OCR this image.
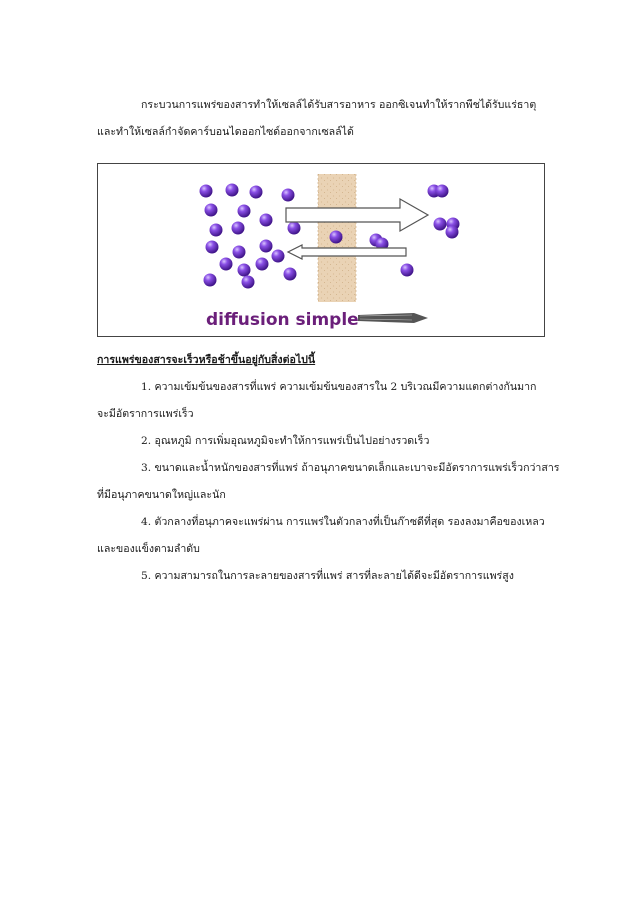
กระบวนการแพร่ของสารทำให้เซลล์ได้รับสารอาหาร ออกซิเจนทำให้รากพืชได้รับแร่ธาตุ
และทำให้เซลล์กำจัดคาร์บอนไดออกไซด์ออกจากเซลล์ได้
diffusion simple
การแพร่ของสารจะเร็วหรือช้าขึ้นอยู่กับสิ่งต่อไปนี้
1. ความเข้มข้นของสารที่แพร่ ความเข้มข้นของสารใน 2 บริเวณมีความแตกต่างกันมาก
จะมีอัตราการแพร่เร็ว
2. อุณหภูมิ การเพิ่มอุณหภูมิจะทำให้การแพร่เป็นไปอย่างรวดเร็ว
3. ขนาดและน้ำหนักของสารที่แพร่ ถ้าอนุภาคขนาดเล็กและเบาจะมีอัตราการแพร่เร็วกว่าสาร
ที่มีอนุภาคขนาดใหญ่และนัก
4. ตัวกลางที่อนุภาคจะแพร่ผ่าน การแพร่ในตัวกลางที่เป็นก๊าซดีที่สุด รองลงมาคือของเหลว
และของแข็งตามลำดับ
5. ความสามารถในการละลายของสารที่แพร่ สารที่ละลายได้ดีจะมีอัตราการแพร่สูง
